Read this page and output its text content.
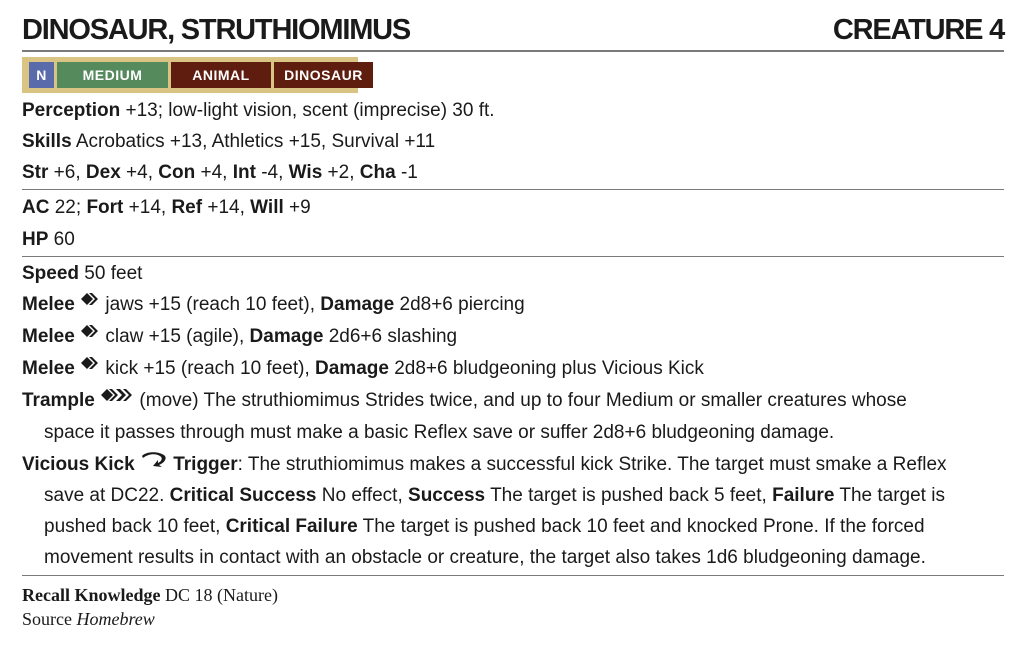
DINOSAUR, STRUTHIOMIMUS	CREATURE 4
N	MEDIUM	ANIMAL	DINOSAUR
Perception +13; low-light vision, scent (imprecise) 30 ft.
Skills Acrobatics +13, Athletics +15, Survival +11
Str +6, Dex +4, Con +4, Int -4, Wis +2, Cha -1
AC 22; Fort +14, Ref +14, Will +9
HP 60
Speed 50 feet
Melee  jaws +15 (reach 10 feet), Damage 2d8+6 piercing
Melee  claw +15 (agile), Damage 2d6+6 slashing
Melee  kick +15 (reach 10 feet), Damage 2d8+6 bludgeoning plus Vicious Kick
Trample  (move) The struthiomimus Strides twice, and up to four Medium or smaller creatures whose
space it passes through must make a basic Reflex save or suffer 2d8+6 bludgeoning damage.
Vicious Kick Trigger: The struthiomimus makes a successful kick Strike. The target must smake a Reflex
save at DC22. Critical Success No effect, Success The target is pushed back 5 feet, Failure The target is
pushed back 10 feet, Critical Failure The target is pushed back 10 feet and knocked Prone. If the forced
movement results in contact with an obstacle or creature, the target also takes 1d6 bludgeoning damage.
Recall Knowledge DC 18 (Nature)
Source Homebrew
